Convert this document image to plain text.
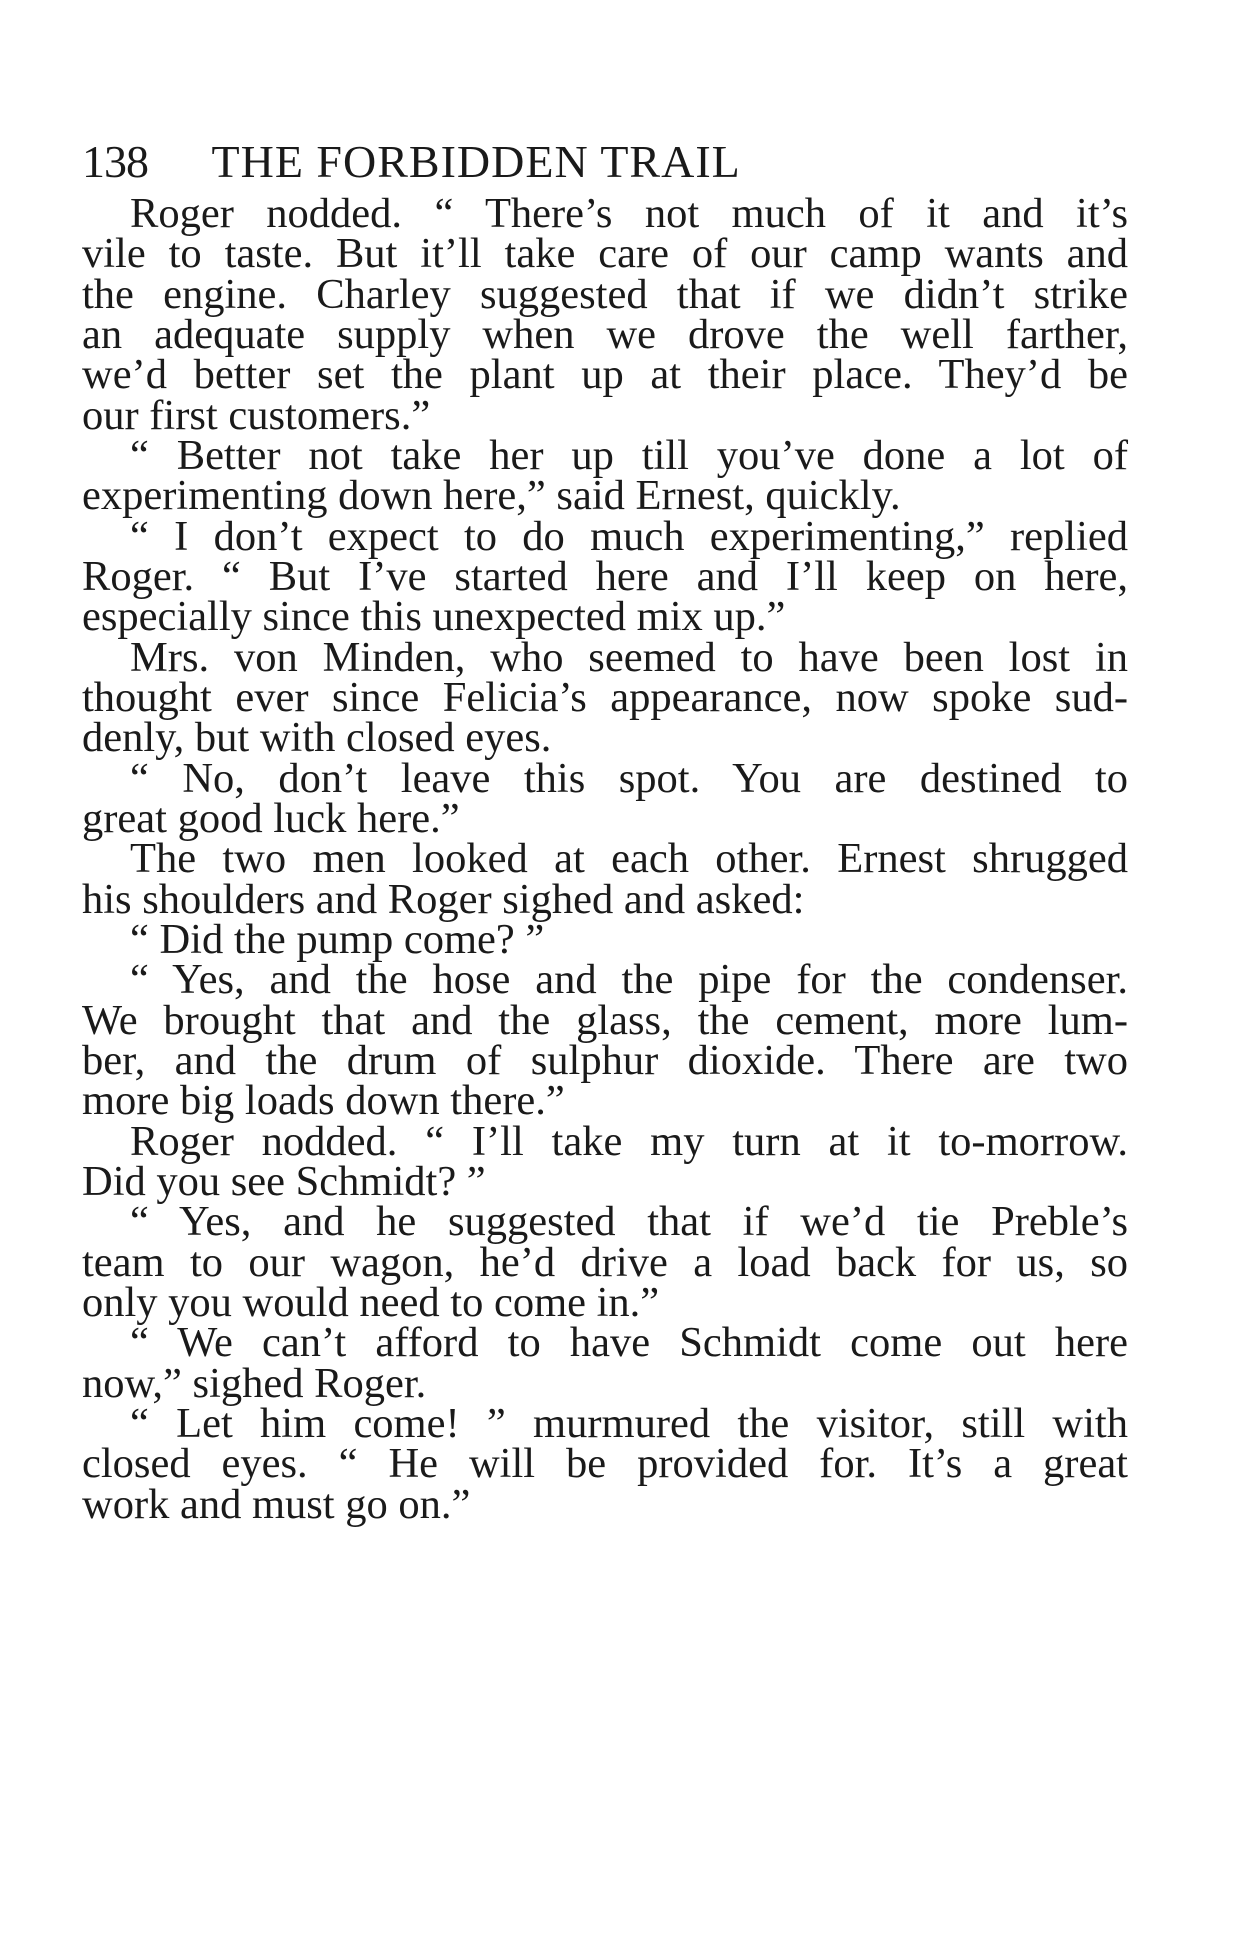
138 THE FORBIDDEN TRAIL
Roger nodded. “ There’s not much of it and it’s
vile to taste. But it’ll take care of our camp wants and
the engine. Charley suggested that if we didn’t strike
an adequate supply when we drove the well farther,
we’d better set the plant up at their place. They’d be
our first customers.”
“ Better not take her up till you’ve done a lot of
experimenting down here,” said Ernest, quickly.
“ I don’t expect to do much experimenting,” replied
Roger. “ But I’ve started here and I’ll keep on here,
especially since this unexpected mix up.”
Mrs. von Minden, who seemed to have been lost in
thought ever since Felicia’s appearance, now spoke sud-
denly, but with closed eyes.
“ No, don’t leave this spot. You are destined to
great good luck here.”
The two men looked at each other. Ernest shrugged
his shoulders and Roger sighed and asked:
“ Did the pump come? ”
“ Yes, and the hose and the pipe for the condenser.
We brought that and the glass, the cement, more lum-
ber, and the drum of sulphur dioxide. There are two
more big loads down there.”
Roger nodded. “ I’ll take my turn at it to-morrow.
Did you see Schmidt? ”
“ Yes, and he suggested that if we’d tie Preble’s
team to our wagon, he’d drive a load back for us, so
only you would need to come in.”
“ We can’t afford to have Schmidt come out here
now,” sighed Roger.
“ Let him come! ” murmured the visitor, still with
closed eyes. “ He will be provided for. It’s a great
work and must go on.”
